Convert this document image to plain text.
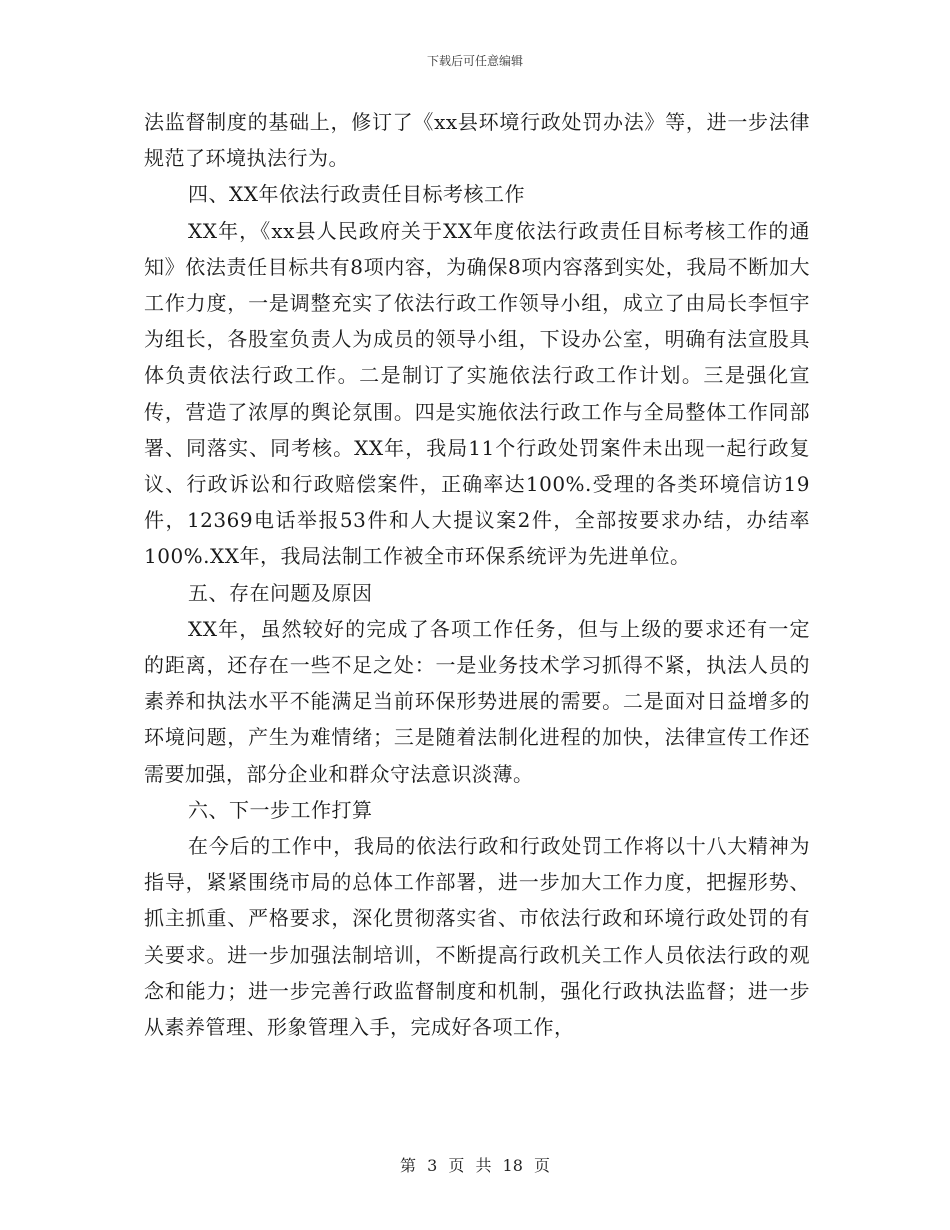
下载后可任意编辑

法监督制度的基础上，修订了《xx县环境行政处罚办法》等，进一步法律规范了环境执法行为。

四、XX年依法行政责任目标考核工作

XX年，《xx县人民政府关于XX年度依法行政责任目标考核工作的通知》依法责任目标共有8项内容，为确保8项内容落到实处，我局不断加大工作力度，一是调整充实了依法行政工作领导小组，成立了由局长李恒宇为组长，各股室负责人为成员的领导小组，下设办公室，明确有法宣股具体负责依法行政工作。二是制订了实施依法行政工作计划。三是强化宣传，营造了浓厚的舆论氛围。四是实施依法行政工作与全局整体工作同部署、同落实、同考核。XX年，我局11个行政处罚案件未出现一起行政复议、行政诉讼和行政赔偿案件，正确率达100%.受理的各类环境信访19件，12369电话举报53件和人大提议案2件，全部按要求办结，办结率100%.XX年，我局法制工作被全市环保系统评为先进单位。

五、存在问题及原因

XX年，虽然较好的完成了各项工作任务，但与上级的要求还有一定的距离，还存在一些不足之处：一是业务技术学习抓得不紧，执法人员的素养和执法水平不能满足当前环保形势进展的需要。二是面对日益增多的环境问题，产生为难情绪；三是随着法制化进程的加快，法律宣传工作还需要加强，部分企业和群众守法意识淡薄。

六、下一步工作打算

在今后的工作中，我局的依法行政和行政处罚工作将以十八大精神为指导，紧紧围绕市局的总体工作部署，进一步加大工作力度，把握形势、抓主抓重、严格要求，深化贯彻落实省、市依法行政和环境行政处罚的有关要求。进一步加强法制培训，不断提高行政机关工作人员依法行政的观念和能力；进一步完善行政监督制度和机制，强化行政执法监督；进一步从素养管理、形象管理入手，完成好各项工作，

第 3 页 共 18 页
